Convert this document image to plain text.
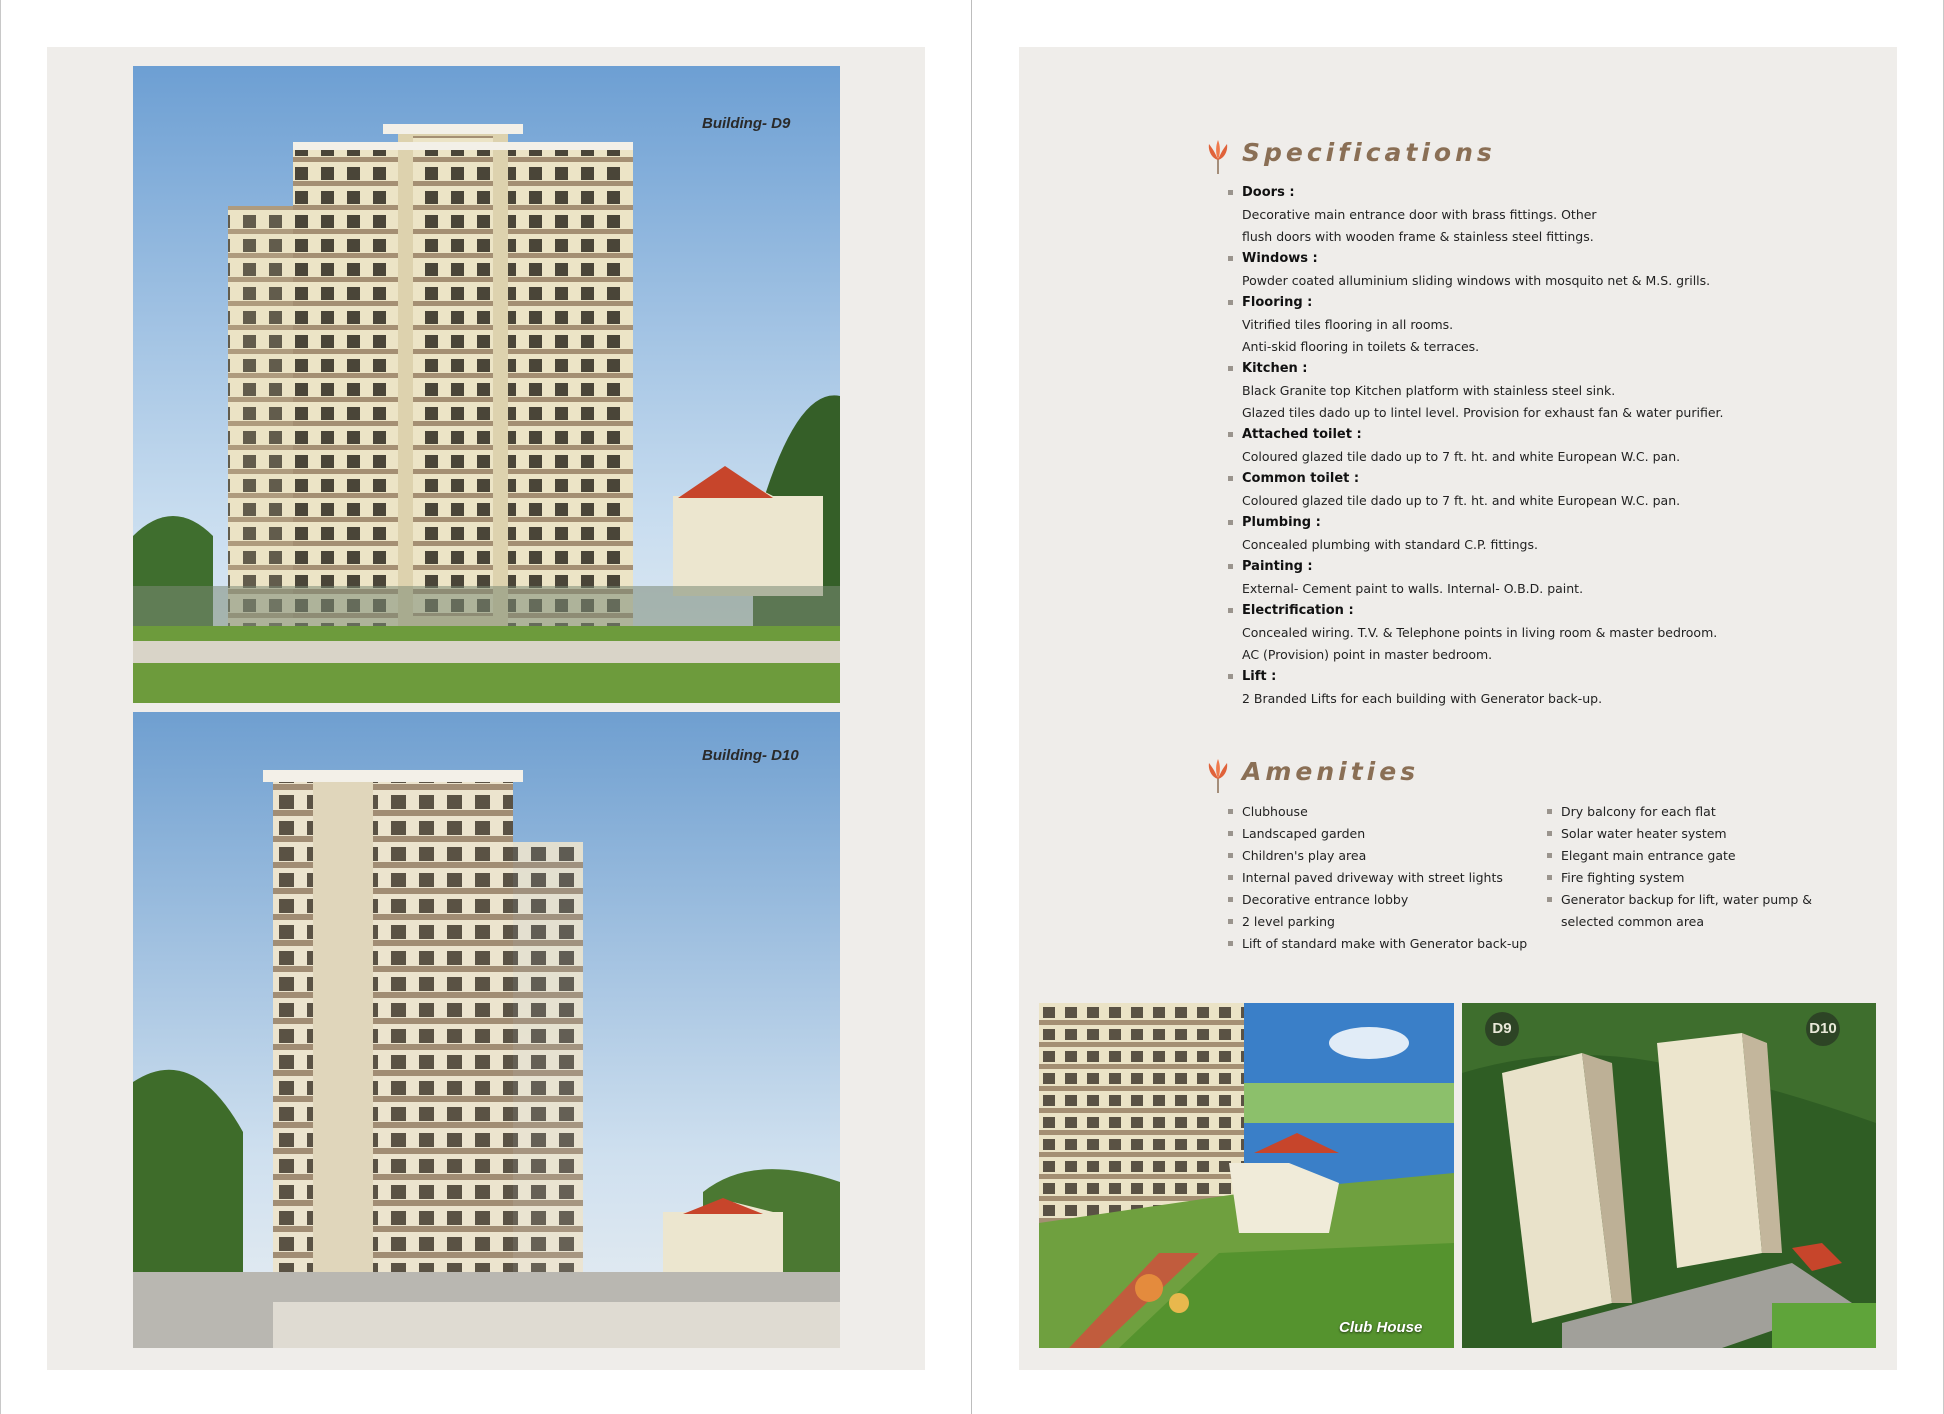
Building- D9
Building- D10
Specifications
Doors :
Decorative main entrance door with brass fittings. Other
flush doors with wooden frame & stainless steel fittings.
Windows :
Powder coated alluminium sliding windows with mosquito net & M.S. grills.
Flooring :
Vitrified tiles flooring in all rooms.
Anti-skid flooring in toilets & terraces.
Kitchen :
Black Granite top Kitchen platform with stainless steel sink.
Glazed tiles dado up to lintel level. Provision for exhaust fan & water purifier.
Attached toilet :
Coloured glazed tile dado up to 7 ft. ht. and white European W.C. pan.
Common toilet :
Coloured glazed tile dado up to 7 ft. ht. and white European W.C. pan.
Plumbing :
Concealed plumbing with standard C.P. fittings.
Painting :
External- Cement paint to walls. Internal- O.B.D. paint.
Electrification :
Concealed wiring. T.V. & Telephone points in living room & master bedroom.
AC (Provision) point in master bedroom.
Lift :
2 Branded Lifts for each building with Generator back-up.
Amenities
Clubhouse
Landscaped garden
Children's play area
Internal paved driveway with street lights
Decorative entrance lobby
2 level parking
Lift of standard make with Generator back-up
Dry balcony for each flat
Solar water heater system
Elegant main entrance gate
Fire fighting system
Generator backup for lift, water pump &
selected common area
Club House
D9	D10
